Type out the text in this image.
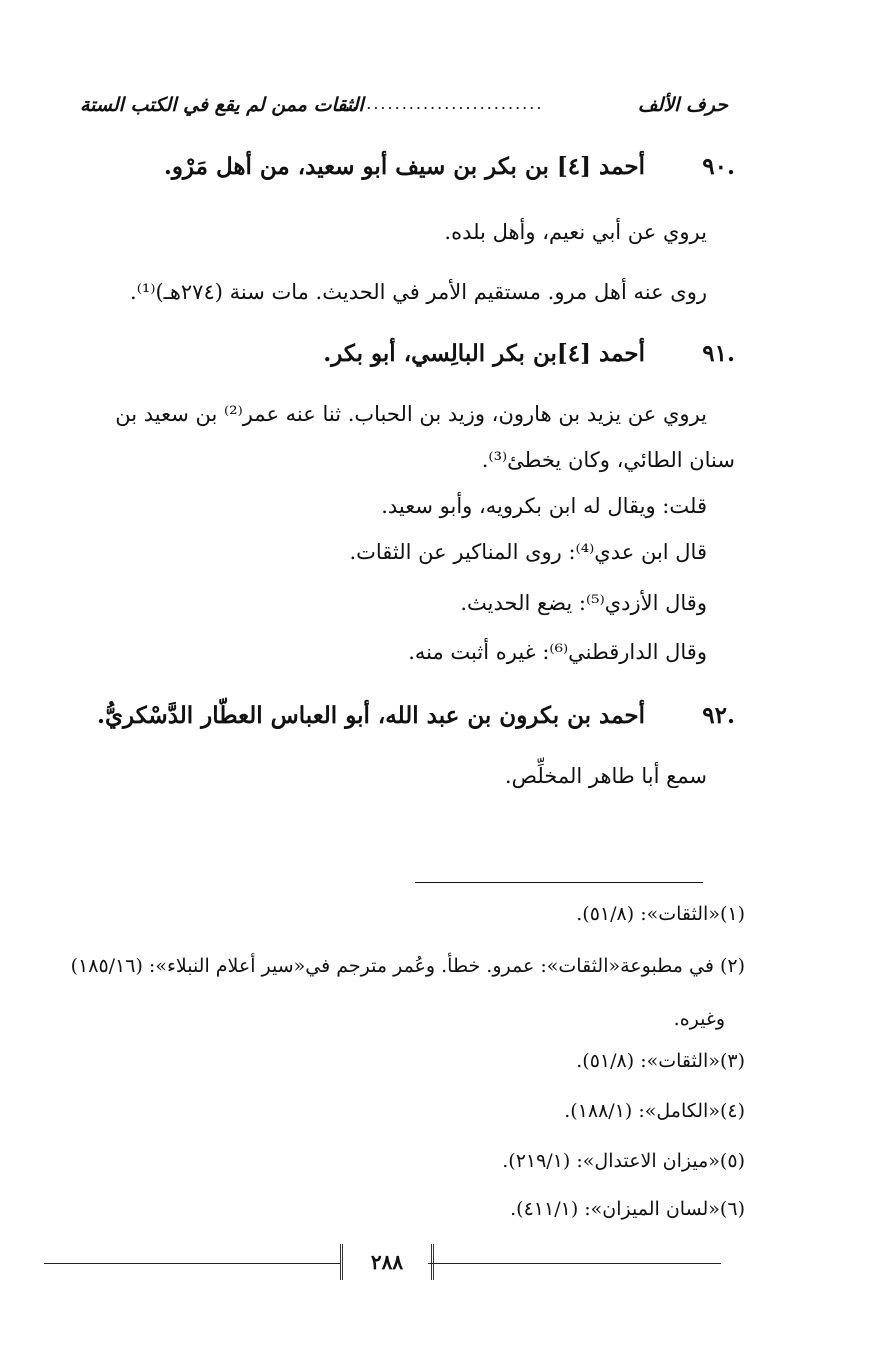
حرف الألف
............................
الثقات ممن لم يقع في الكتب الستة
.٩٠
أحمد [٤] بن بكر بن سيف أبو سعيد، من أهل مَرْو.
يروي عن أبي نعيم، وأهل بلده.
روى عنه أهل مرو. مستقيم الأمر في الحديث. مات سنة (٢٧٤هـ)⁽¹⁾.
.٩١
أحمد [٤]بن بكر البالِسي، أبو بكر.
يروي عن يزيد بن هارون، وزيد بن الحباب. ثنا عنه عمر⁽²⁾ بن سعيد بن
سنان الطائي، وكان يخطئ⁽³⁾.
قلت: ويقال له ابن بكرويه، وأبو سعيد.
قال ابن عدي⁽⁴⁾: روى المناكير عن الثقات.
وقال الأزدي⁽⁵⁾: يضع الحديث.
وقال الدارقطني⁽⁶⁾: غيره أثبت منه.
.٩٢
أحمد بن بكرون بن عبد الله، أبو العباس العطّار الدَّسْكريُّ.
سمع أبا طاهر المخلِّص.
(١)«الثقات»: (٥١/٨).
(٢) في مطبوعة«الثقات»: عمرو. خطأ. وعُمر مترجم في«سير أعلام النبلاء»: (١٨٥/١٦)
وغيره.
(٣)«الثقات»: (٥١/٨).
(٤)«الكامل»: (١٨٨/١).
(٥)«ميزان الاعتدال»: (٢١٩/١).
(٦)«لسان الميزان»: (٤١١/١).
٢٨٨
